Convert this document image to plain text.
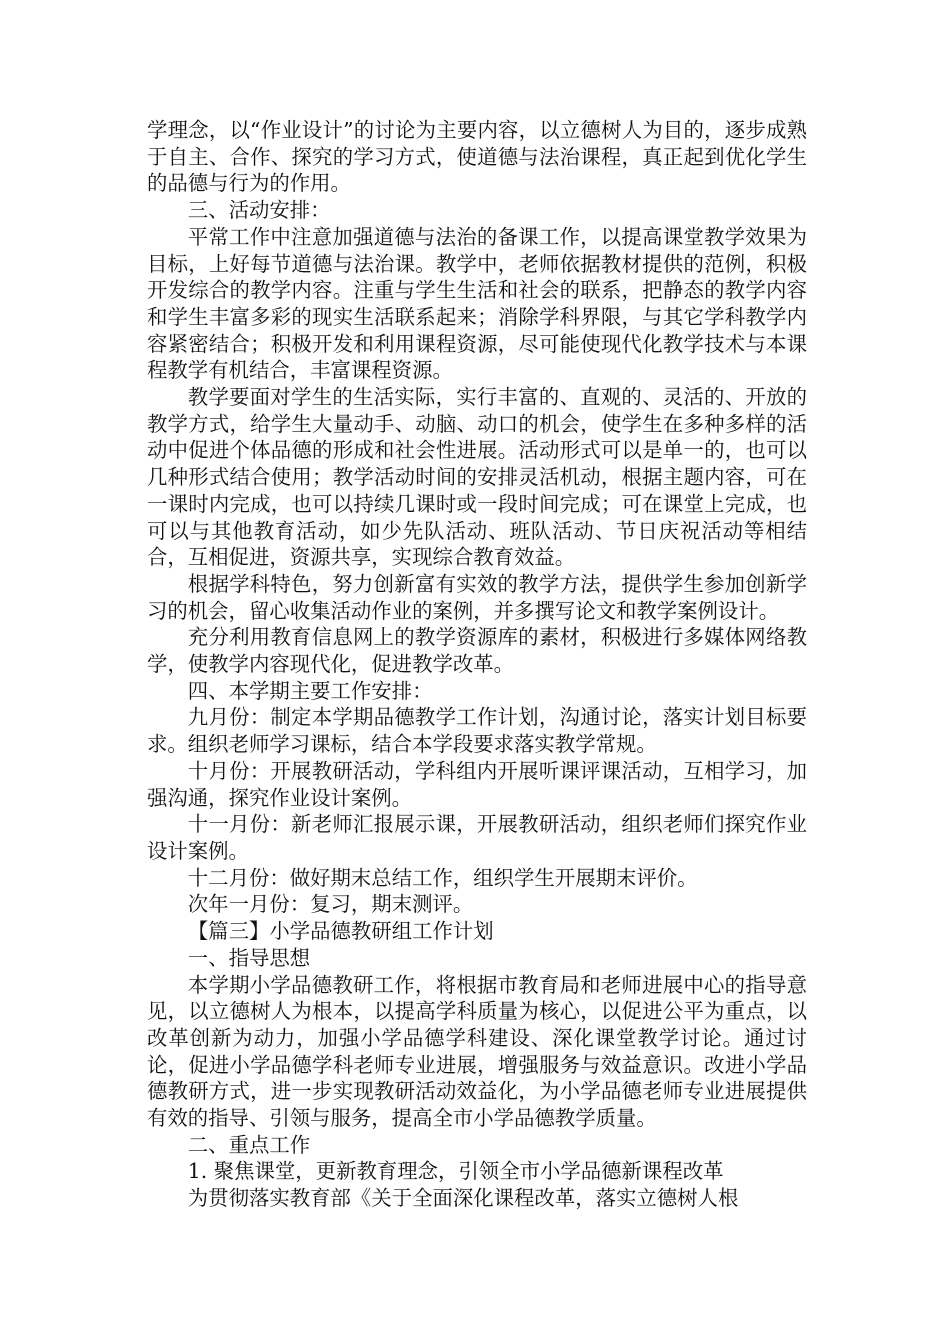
学理念，以“作业设计”的讨论为主要内容，以立德树人为目的，逐步成熟于自主、合作、探究的学习方式，使道德与法治课程，真正起到优化学生的品德与行为的作用。

三、活动安排：

平常工作中注意加强道德与法治的备课工作，以提高课堂教学效果为目标，上好每节道德与法治课。教学中，老师依据教材提供的范例，积极开发综合的教学内容。注重与学生生活和社会的联系，把静态的教学内容和学生丰富多彩的现实生活联系起来；消除学科界限，与其它学科教学内容紧密结合；积极开发和利用课程资源，尽可能使现代化教学技术与本课程教学有机结合，丰富课程资源。

教学要面对学生的生活实际，实行丰富的、直观的、灵活的、开放的教学方式，给学生大量动手、动脑、动口的机会，使学生在多种多样的活动中促进个体品德的形成和社会性进展。活动形式可以是单一的，也可以几种形式结合使用；教学活动时间的安排灵活机动，根据主题内容，可在一课时内完成，也可以持续几课时或一段时间完成；可在课堂上完成，也可以与其他教育活动，如少先队活动、班队活动、节日庆祝活动等相结合，互相促进，资源共享，实现综合教育效益。

根据学科特色，努力创新富有实效的教学方法，提供学生参加创新学习的机会，留心收集活动作业的案例，并多撰写论文和教学案例设计。

充分利用教育信息网上的教学资源库的素材，积极进行多媒体网络教学，使教学内容现代化，促进教学改革。

四、本学期主要工作安排：

九月份：制定本学期品德教学工作计划，沟通讨论，落实计划目标要求。组织老师学习课标，结合本学段要求落实教学常规。

十月份：开展教研活动，学科组内开展听课评课活动，互相学习，加强沟通，探究作业设计案例。

十一月份：新老师汇报展示课，开展教研活动，组织老师们探究作业设计案例。

十二月份：做好期末总结工作，组织学生开展期末评价。

次年一月份：复习，期末测评。

【篇三】小学品德教研组工作计划

一、指导思想

本学期小学品德教研工作，将根据市教育局和老师进展中心的指导意见，以立德树人为根本，以提高学科质量为核心，以促进公平为重点，以改革创新为动力，加强小学品德学科建设、深化课堂教学讨论。通过讨论，促进小学品德学科老师专业进展，增强服务与效益意识。改进小学品德教研方式，进一步实现教研活动效益化，为小学品德老师专业进展提供有效的指导、引领与服务，提高全市小学品德教学质量。

二、重点工作

1. 聚焦课堂，更新教育理念，引领全市小学品德新课程改革

为贯彻落实教育部《关于全面深化课程改革，落实立德树人根
